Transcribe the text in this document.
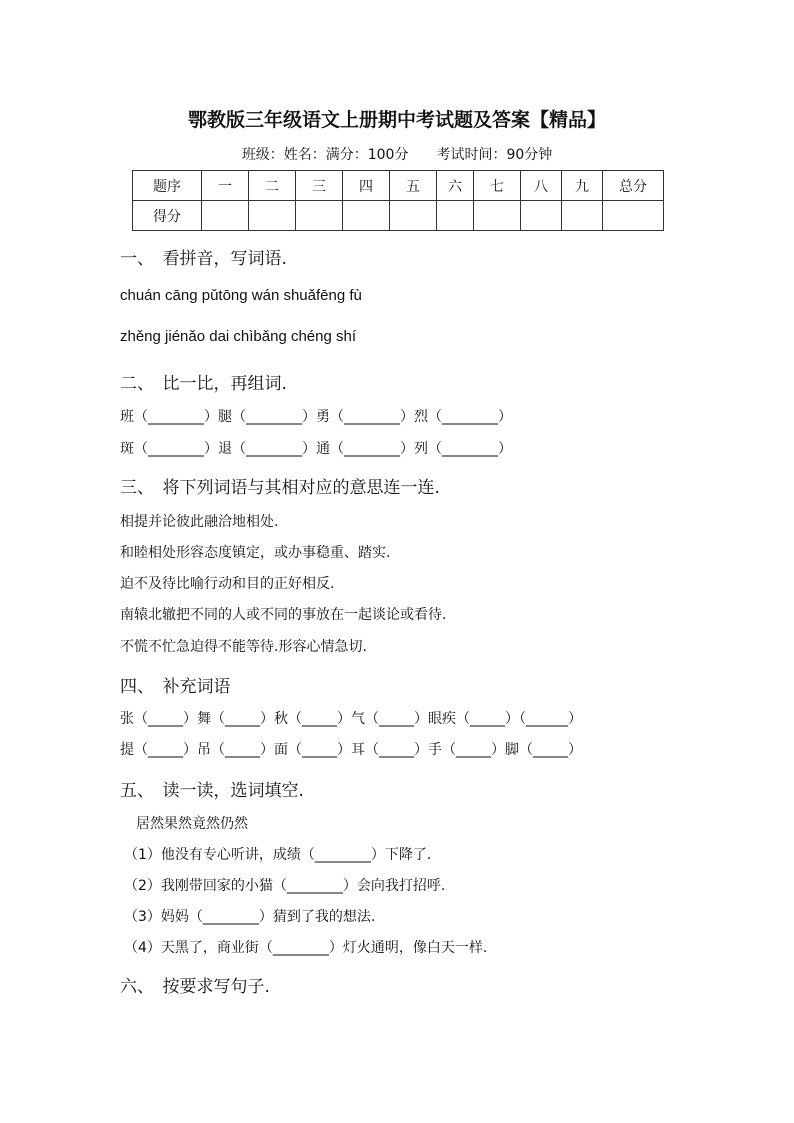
鄂教版三年级语文上册期中考试题及答案【精品】
班级：姓名：满分：100分　　考试时间：90分钟
题序	一	二	三	四	五	六	七	八	九	总分
得分										
一、　看拼音，写词语.
chuán cāng pǔtōng wán shuǎfēng fù
zhěng jiénǎo dai chìbǎng chéng shí
二、　比一比，再组词.
班（________）腿（________）勇（________）烈（________）
斑（________）退（________）通（________）列（________）
三、　将下列词语与其相对应的意思连一连.
相提并论彼此融洽地相处.
和睦相处形容态度镇定，或办事稳重、踏实.
迫不及待比喻行动和目的正好相反.
南辕北辙把不同的人或不同的事放在一起谈论或看待.
不慌不忙急迫得不能等待.形容心情急切.
四、　补充词语
张（_____）舞（_____）秋（_____）气（_____）眼疾（_____）（______）
提（_____）吊（_____）面（_____）耳（_____）手（_____）脚（_____）
五、　读一读，选词填空.
居然果然竟然仍然
（1）他没有专心听讲，成绩（________）下降了.
（2）我刚带回家的小猫（________）会向我打招呼.
（3）妈妈（________）猜到了我的想法.
（4）天黑了，商业街（________）灯火通明，像白天一样.
六、　按要求写句子.
